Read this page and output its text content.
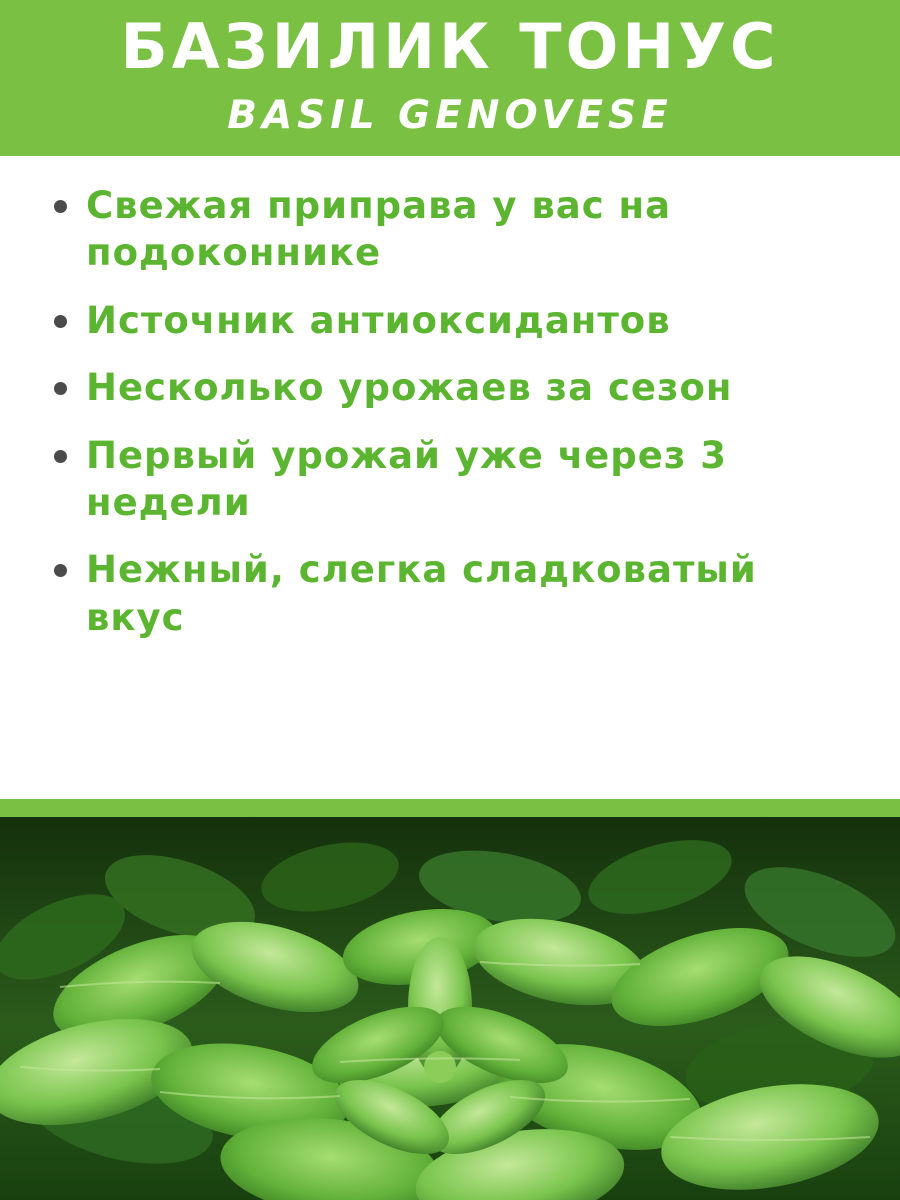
БАЗИЛИК ТОНУС
BASIL GENOVESE
Свежая приправа у вас на подоконнике
Источник антиоксидантов
Несколько урожаев за сезон
Первый урожай уже через 3 недели
Нежный, слегка сладковатый вкус
